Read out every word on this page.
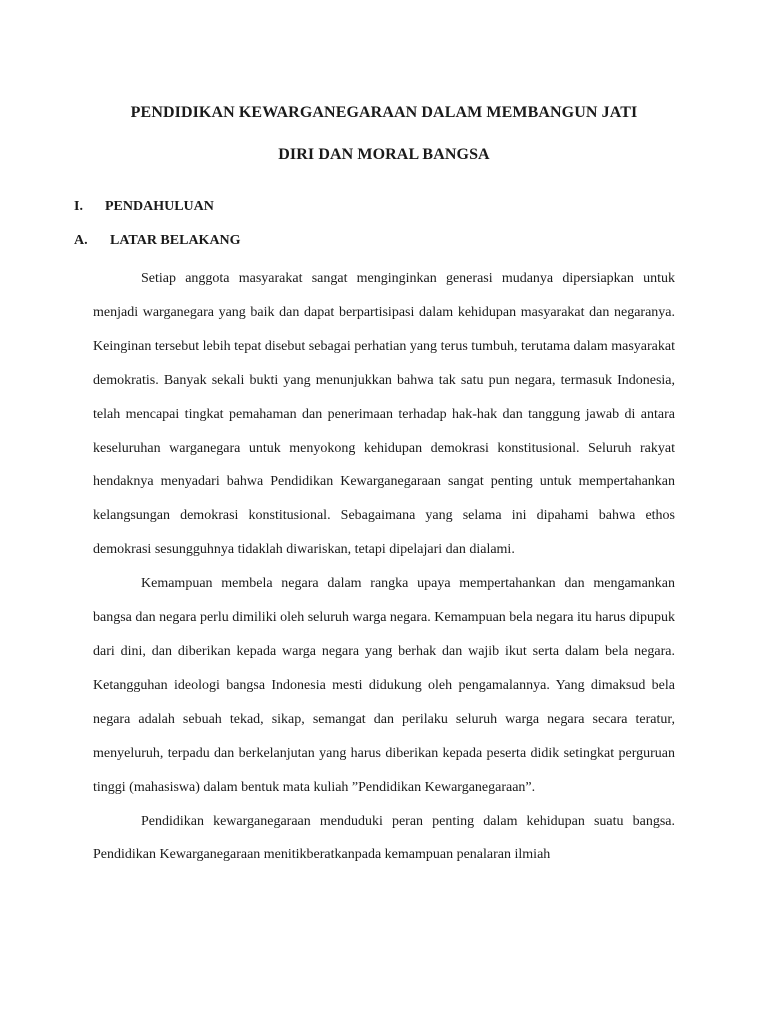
PENDIDIKAN KEWARGANEGARAAN DALAM MEMBANGUN JATI
DIRI DAN MORAL BANGSA
I. PENDAHULUAN
A. LATAR BELAKANG

Setiap anggota masyarakat sangat menginginkan generasi mudanya dipersiapkan untuk menjadi warganegara yang baik dan dapat berpartisipasi dalam kehidupan masyarakat dan negaranya. Keinginan tersebut lebih tepat disebut sebagai perhatian yang terus tumbuh, terutama dalam masyarakat demokratis. Banyak sekali bukti yang menunjukkan bahwa tak satu pun negara, termasuk Indonesia, telah mencapai tingkat pemahaman dan penerimaan terhadap hak-hak dan tanggung jawab di antara keseluruhan warganegara untuk menyokong kehidupan demokrasi konstitusional. Seluruh rakyat hendaknya menyadari bahwa Pendidikan Kewarganegaraan sangat penting untuk mempertahankan kelangsungan demokrasi konstitusional. Sebagaimana yang selama ini dipahami bahwa ethos demokrasi sesungguhnya tidaklah diwariskan, tetapi dipelajari dan dialami.

Kemampuan membela negara dalam rangka upaya mempertahankan dan mengamankan bangsa dan negara perlu dimiliki oleh seluruh warga negara. Kemampuan bela negara itu harus dipupuk dari dini, dan diberikan kepada warga negara yang berhak dan wajib ikut serta dalam bela negara. Ketangguhan ideologi bangsa Indonesia mesti didukung oleh pengamalannya. Yang dimaksud bela negara adalah sebuah tekad, sikap, semangat dan perilaku seluruh warga negara secara teratur, menyeluruh, terpadu dan berkelanjutan yang harus diberikan kepada peserta didik setingkat perguruan tinggi (mahasiswa) dalam bentuk mata kuliah ”Pendidikan Kewarganegaraan”.

Pendidikan kewarganegaraan menduduki peran penting dalam kehidupan suatu bangsa. Pendidikan Kewarganegaraan menitikberatkanpada kemampuan penalaran ilmiah
